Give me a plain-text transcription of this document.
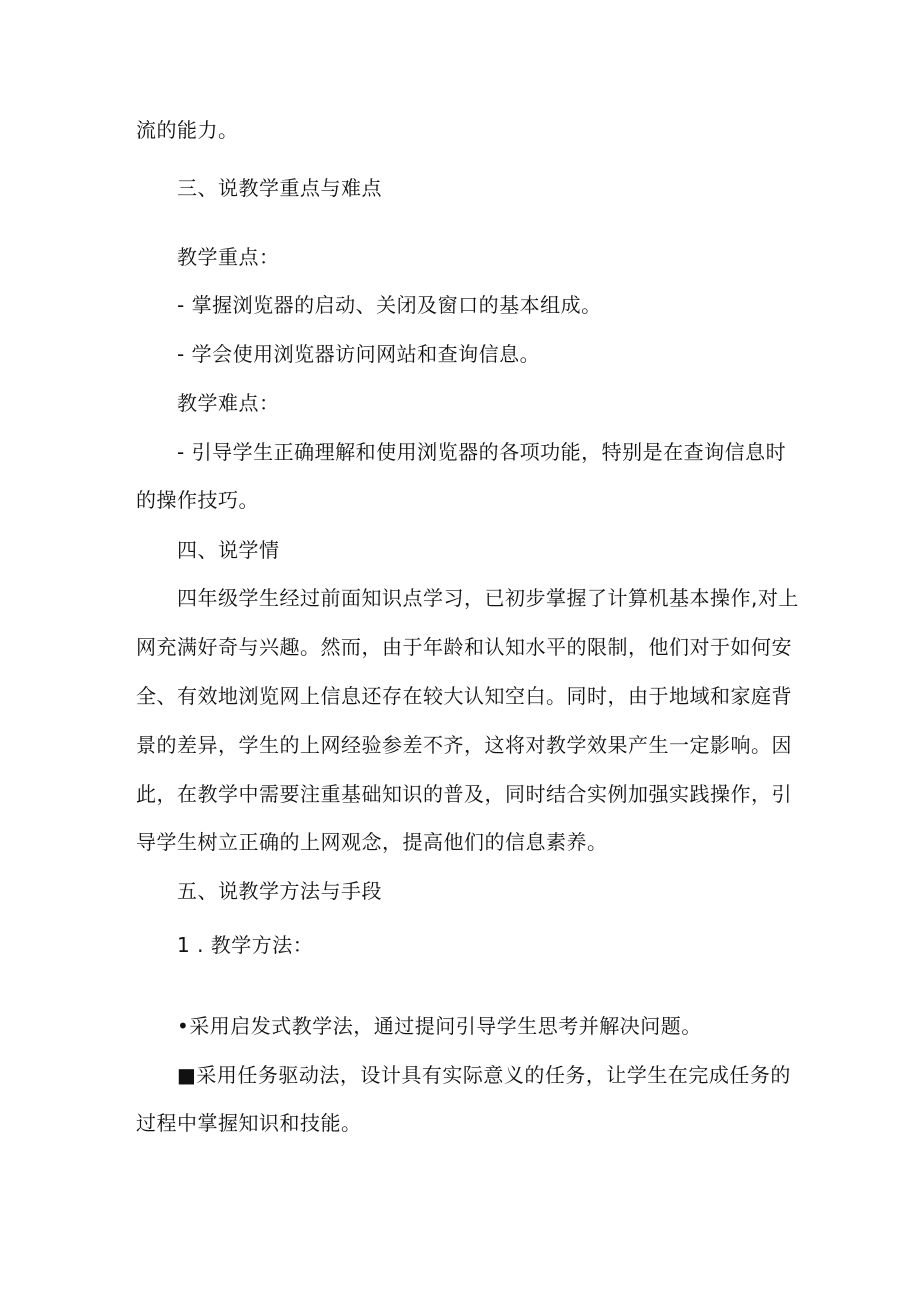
流的能力。
三、说教学重点与难点
教学重点：
- 掌握浏览器的启动、关闭及窗口的基本组成。
- 学会使用浏览器访问网站和查询信息。
教学难点：
- 引导学生正确理解和使用浏览器的各项功能，特别是在查询信息时
的操作技巧。
四、说学情
四年级学生经过前面知识点学习，已初步掌握了计算机基本操作,对上
网充满好奇与兴趣。然而，由于年龄和认知水平的限制，他们对于如何安
全、有效地浏览网上信息还存在较大认知空白。同时，由于地域和家庭背
景的差异，学生的上网经验参差不齐，这将对教学效果产生一定影响。因
此，在教学中需要注重基础知识的普及，同时结合实例加强实践操作，引
导学生树立正确的上网观念，提高他们的信息素养。
五、说教学方法与手段
1 . 教学方法：
•采用启发式教学法，通过提问引导学生思考并解决问题。
■采用任务驱动法，设计具有实际意义的任务，让学生在完成任务的
过程中掌握知识和技能。
